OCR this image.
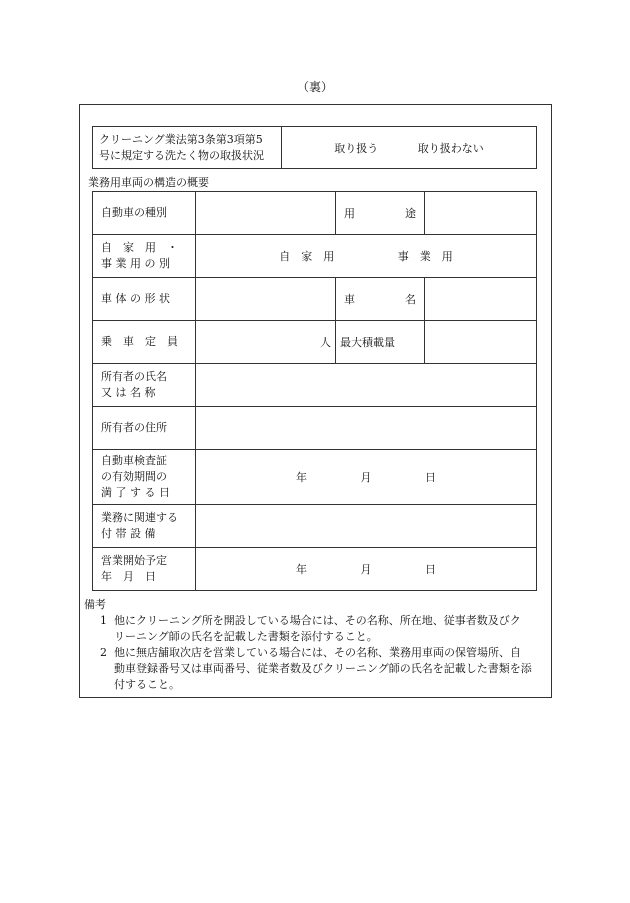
（裏）
クリーニング業法第3条第3項第5
号に規定する洗たく物の取扱状況
	取り扱う	取り扱わない
業務用車両の構造の概要
自動車の種別		用 途	

自　家　用　・
事 業 用 の 別	自　家　用 事　業　用		
車 体 の 形 状		車 名	

乗　車　定　員	人	最大積載量	

所有者の氏名
又 は 名 称			

所有者の住所			

自動車検査証
の有効期間の
満 了 す る 日	年 月 日		

業務に関連する
付 帯 設 備			

営業開始予定
年　月　日	年 月 日		
備考
1 他にクリーニング所を開設している場合には、その名称、所在地、従事者数及びク
リーニング師の氏名を記載した書類を添付すること。
2 他に無店舗取次店を営業している場合には、その名称、業務用車両の保管場所、自
動車登録番号又は車両番号、従業者数及びクリーニング師の氏名を記載した書類を添
付すること。
